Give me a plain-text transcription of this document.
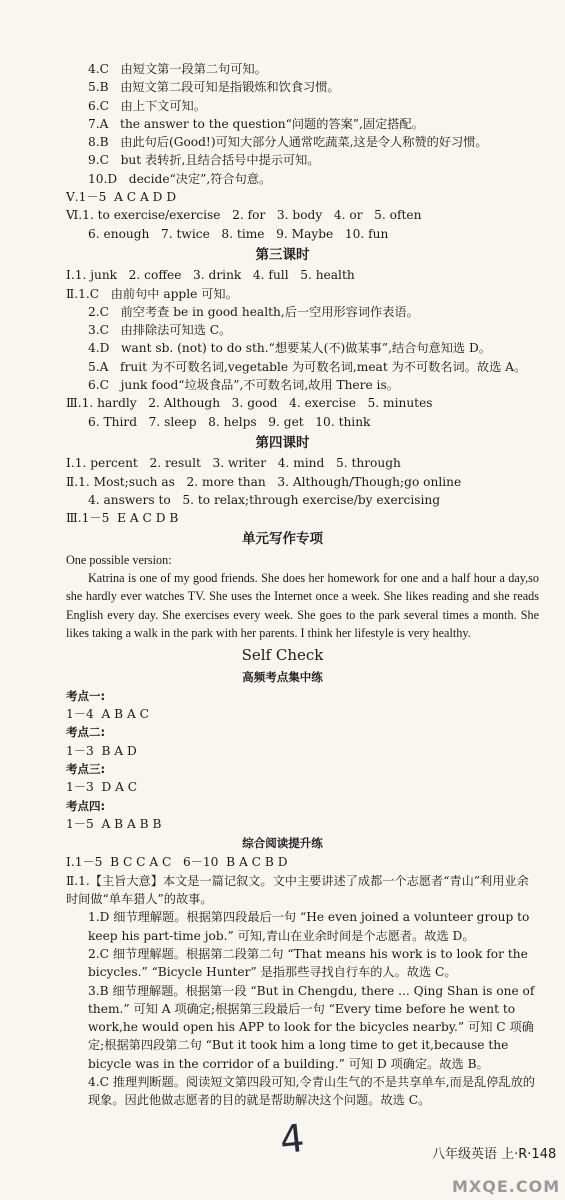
4.C   由短文第一段第二句可知。
5.B   由短文第二段可知是指锻炼和饮食习惯。
6.C   由上下文可知。
7.A   the answer to the question“问题的答案”,固定搭配。
8.B   由此句后(Good!)可知大部分人通常吃蔬菜,这是令人称赞的好习惯。
9.C   but 表转折,且结合括号中提示可知。
10.D   decide“决定”,符合句意。
Ⅴ.1－5  A C A D D
Ⅵ.1. to exercise/exercise   2. for   3. body   4. or   5. often
6. enough   7. twice   8. time   9. Maybe   10. fun
第三课时
Ⅰ.1. junk   2. coffee   3. drink   4. full   5. health
Ⅱ.1.C   由前句中 apple 可知。
2.C   前空考查 be in good health,后一空用形容词作表语。
3.C   由排除法可知选 C。
4.D   want sb. (not) to do sth.“想要某人(不)做某事”,结合句意知选 D。
5.A   fruit 为不可数名词,vegetable 为可数名词,meat 为不可数名词。故选 A。
6.C   junk food“垃圾食品”,不可数名词,故用 There is。
Ⅲ.1. hardly   2. Although   3. good   4. exercise   5. minutes
6. Third   7. sleep   8. helps   9. get   10. think
第四课时
Ⅰ.1. percent   2. result   3. writer   4. mind   5. through
Ⅱ.1. Most;such as   2. more than   3. Although/Though;go online
4. answers to   5. to relax;through exercise/by exercising
Ⅲ.1－5  E A C D B
单元写作专项
One possible version:
Katrina is one of my good friends. She does her homework for one and a half hour a day,so she hardly ever watches TV. She uses the Internet once a week. She likes reading and she reads English every day. She exercises every week. She goes to the park several times a month. She likes taking a walk in the park with her parents. I think her lifestyle is very healthy.
Self Check
高频考点集中练
考点一:
1－4  A B A C
考点二:
1－3  B A D
考点三:
1－3  D A C
考点四:
1－5  A B A B B
综合阅读提升练
Ⅰ.1－5  B C C A C   6－10  B A C B D
Ⅱ.1.【主旨大意】本文是一篇记叙文。文中主要讲述了成都一个志愿者“青山”利用业余时间做“单车猎人”的故事。
1.D 细节理解题。根据第四段最后一句 “He even joined a volunteer group to keep his part-time job.” 可知,青山在业余时间是个志愿者。故选 D。
2.C 细节理解题。根据第二段第二句 “That means his work is to look for the bicycles.” “Bicycle Hunter” 是指那些寻找自行车的人。故选 C。
3.B 细节理解题。根据第一段 “But in Chengdu, there ... Qing Shan is one of them.” 可知 A 项确定;根据第三段最后一句 “Every time before he went to work,he would open his APP to look for the bicycles nearby.” 可知 C 项确定;根据第四段第二句 “But it took him a long time to get it,because the bicycle was in the corridor of a building.” 可知 D 项确定。故选 B。
4.C 推理判断题。阅读短文第四段可知,令青山生气的不是共享单车,而是乱停乱放的现象。因此他做志愿者的目的就是帮助解决这个问题。故选 C。
4	八年级英语 上·R·148
MXQE.COM
